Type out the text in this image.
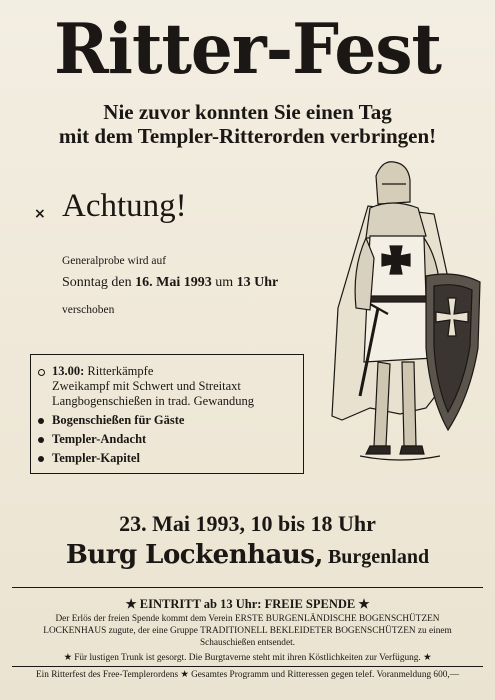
Ritter-Fest
Nie zuvor konnten Sie einen Tag
mit dem Templer-Ritterorden verbringen!
× Achtung!
Generalprobe wird auf
Sonntag den 16. Mai 1993 um 13 Uhr
verschoben
13.00: Ritterkämpfe
Zweikampf mit Schwert und Streitaxt
Langbogenschießen in trad. Gewandung
Bogenschießen für Gäste
Templer-Andacht
Templer-Kapitel
23. Mai 1993, 10 bis 18 Uhr
Burg Lockenhaus, Burgenland
★ EINTRITT ab 13 Uhr: FREIE SPENDE ★
Der Erlös der freien Spende kommt dem Verein ERSTE BURGENLÄNDISCHE BOGENSCHÜTZEN
LOCKENHAUS zugute, der eine Gruppe TRADITIONELL BEKLEIDETER BOGENSCHÜTZEN zu einem
Schauschießen entsendet.
★ Für lustigen Trunk ist gesorgt. Die Burgtaverne steht mit ihren Köstlichkeiten zur Verfügung. ★
Ein Ritterfest des Free-Templerordens ★ Gesamtes Programm und Ritteressen gegen telef. Voranmeldung 600,—
